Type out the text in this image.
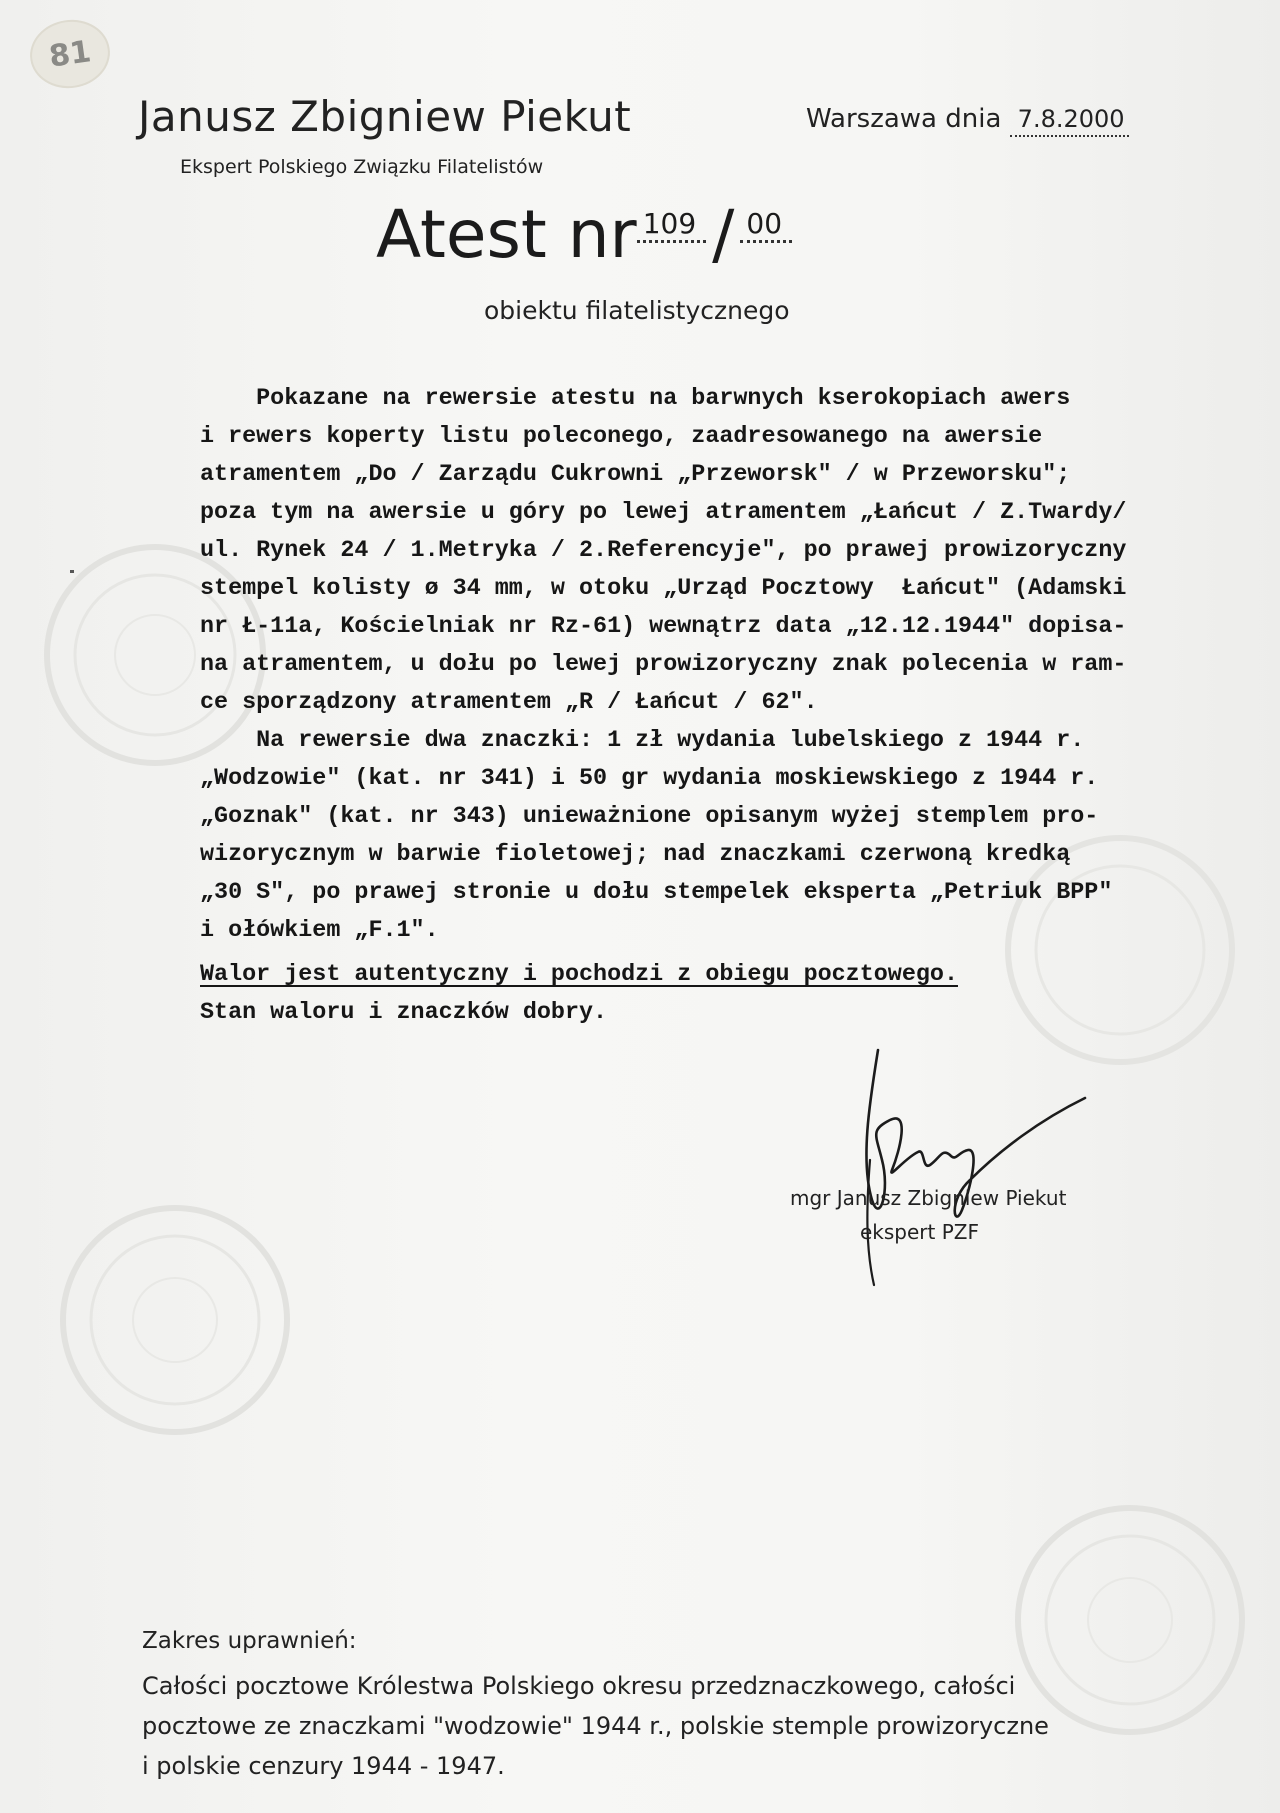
81
Janusz Zbigniew Piekut
Ekspert Polskiego Związku Filatelistów
Warszawa dnia 7.8.2000
Atest nr $^{109}$ / $^{00}$
obiektu filatelistycznego
Pokazane na rewersie atestu na barwnych kserokopiach awers
i rewers koperty listu poleconego, zaadresowanego na awersie
atramentem „Do / Zarządu Cukrowni „Przeworsk" / w Przeworsku";
poza tym na awersie u góry po lewej atramentem „Łańcut / Z.Twardy/
ul. Rynek 24 / 1.Metryka / 2.Referencyje", po prawej prowizoryczny
stempel kolisty ø 34 mm, w otoku „Urząd Pocztowy  Łańcut" (Adamski
nr Ł-11a, Kościelniak nr Rz-61) wewnątrz data „12.12.1944" dopisa-
na atramentem, u dołu po lewej prowizoryczny znak polecenia w ram-
ce sporządzony atramentem „R / Łańcut / 62".
Na rewersie dwa znaczki: 1 zł wydania lubelskiego z 1944 r.
„Wodzowie" (kat. nr 341) i 50 gr wydania moskiewskiego z 1944 r.
„Goznak" (kat. nr 343) unieważnione opisanym wyżej stemplem pro-
wizorycznym w barwie fioletowej; nad znaczkami czerwoną kredką
„30 S", po prawej stronie u dołu stempelek eksperta „Petriuk BPP"
i ołówkiem „F.1".
Walor jest autentyczny i pochodzi z obiegu pocztowego.
Stan waloru i znaczków dobry.
mgr Janusz Zbigniew Piekut
ekspert PZF
Zakres uprawnień:
Całości pocztowe Królestwa Polskiego okresu przedznaczkowego, całości
pocztowe ze znaczkami "wodzowie" 1944 r., polskie stemple prowizoryczne
i polskie cenzury 1944 - 1947.
